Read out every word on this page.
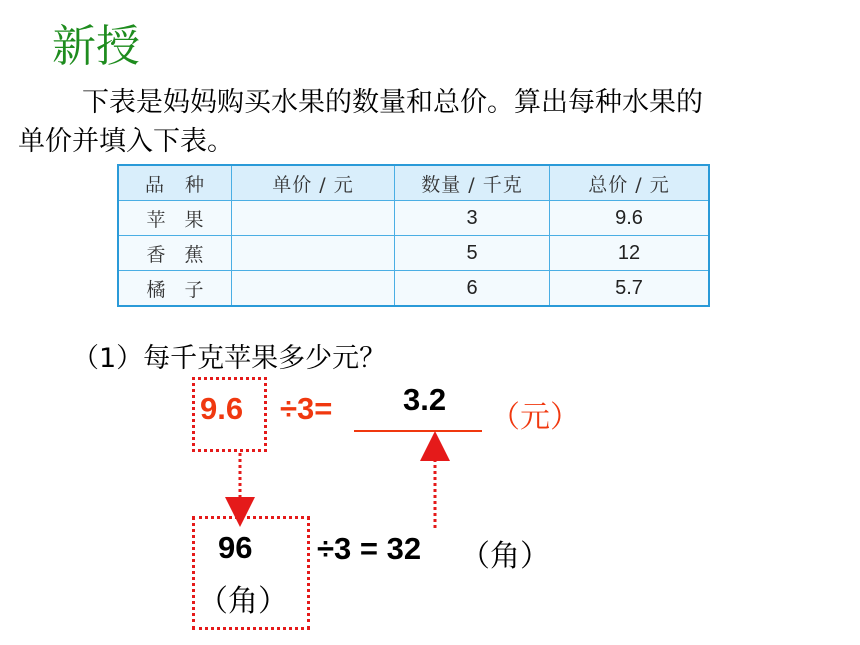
新授
下表是妈妈购买水果的数量和总价。算出每种水果的
单价并填入下表。
品　种	单价 / 元	数量 / 千克	总价 / 元
苹　果		3	9.6
香　蕉		5	12
橘　子		6	5.7
（1）每千克苹果多少元？
9.6 ÷3= 3.2
（元）
96
（角）
÷3 = 32 （角）
